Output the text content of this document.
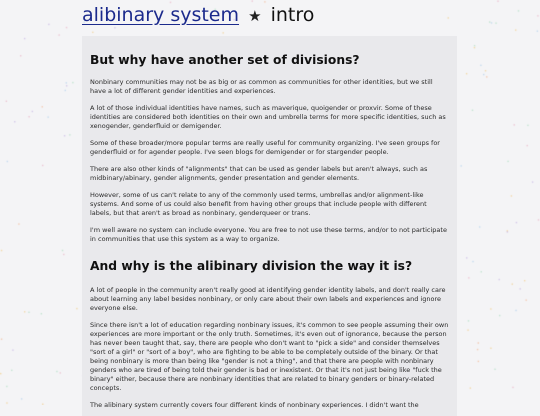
alibinary system ★ intro
But why have another set of divisions?

Nonbinary communities may not be as big or as common as communities for other identities, but we still have a lot of different gender identities and experiences.

A lot of those individual identities have names, such as maverique, quoigender or proxvir. Some of these identities are considered both identities on their own and umbrella terms for more specific identities, such as xenogender, genderfluid or demigender.

Some of these broader/more popular terms are really useful for community organizing. I've seen groups for genderfluid or for agender people. I've seen blogs for demigender or for stargender people.

There are also other kinds of "alignments" that can be used as gender labels but aren't always, such as midbinary/abinary, gender alignments, gender presentation and gender elements.

However, some of us can't relate to any of the commonly used terms, umbrellas and/or alignment-like systems. And some of us could also benefit from having other groups that include people with different labels, but that aren't as broad as nonbinary, genderqueer or trans.

I'm well aware no system can include everyone. You are free to not use these terms, and/or to not participate in communities that use this system as a way to organize.

And why is the alibinary division the way it is?

A lot of people in the community aren't really good at identifying gender identity labels, and don't really care about learning any label besides nonbinary, or only care about their own labels and experiences and ignore everyone else.

Since there isn't a lot of education regarding nonbinary issues, it's common to see people assuming their own experiences are more important or the only truth. Sometimes, it's even out of ignorance, because the person has never been taught that, say, there are people who don't want to "pick a side" and consider themselves "sort of a girl" or "sort of a boy", who are fighting to be able to be completely outside of the binary. Or that being nonbinary is more than being like "gender is not a thing", and that there are people with nonbinary genders who are tired of being told their gender is bad or inexistent. Or that it's not just being like "fuck the binary" either, because there are nonbinary identities that are related to binary genders or binary-related concepts.

The alibinary system currently covers four different kinds of nonbinary experiences. I didn't want the
